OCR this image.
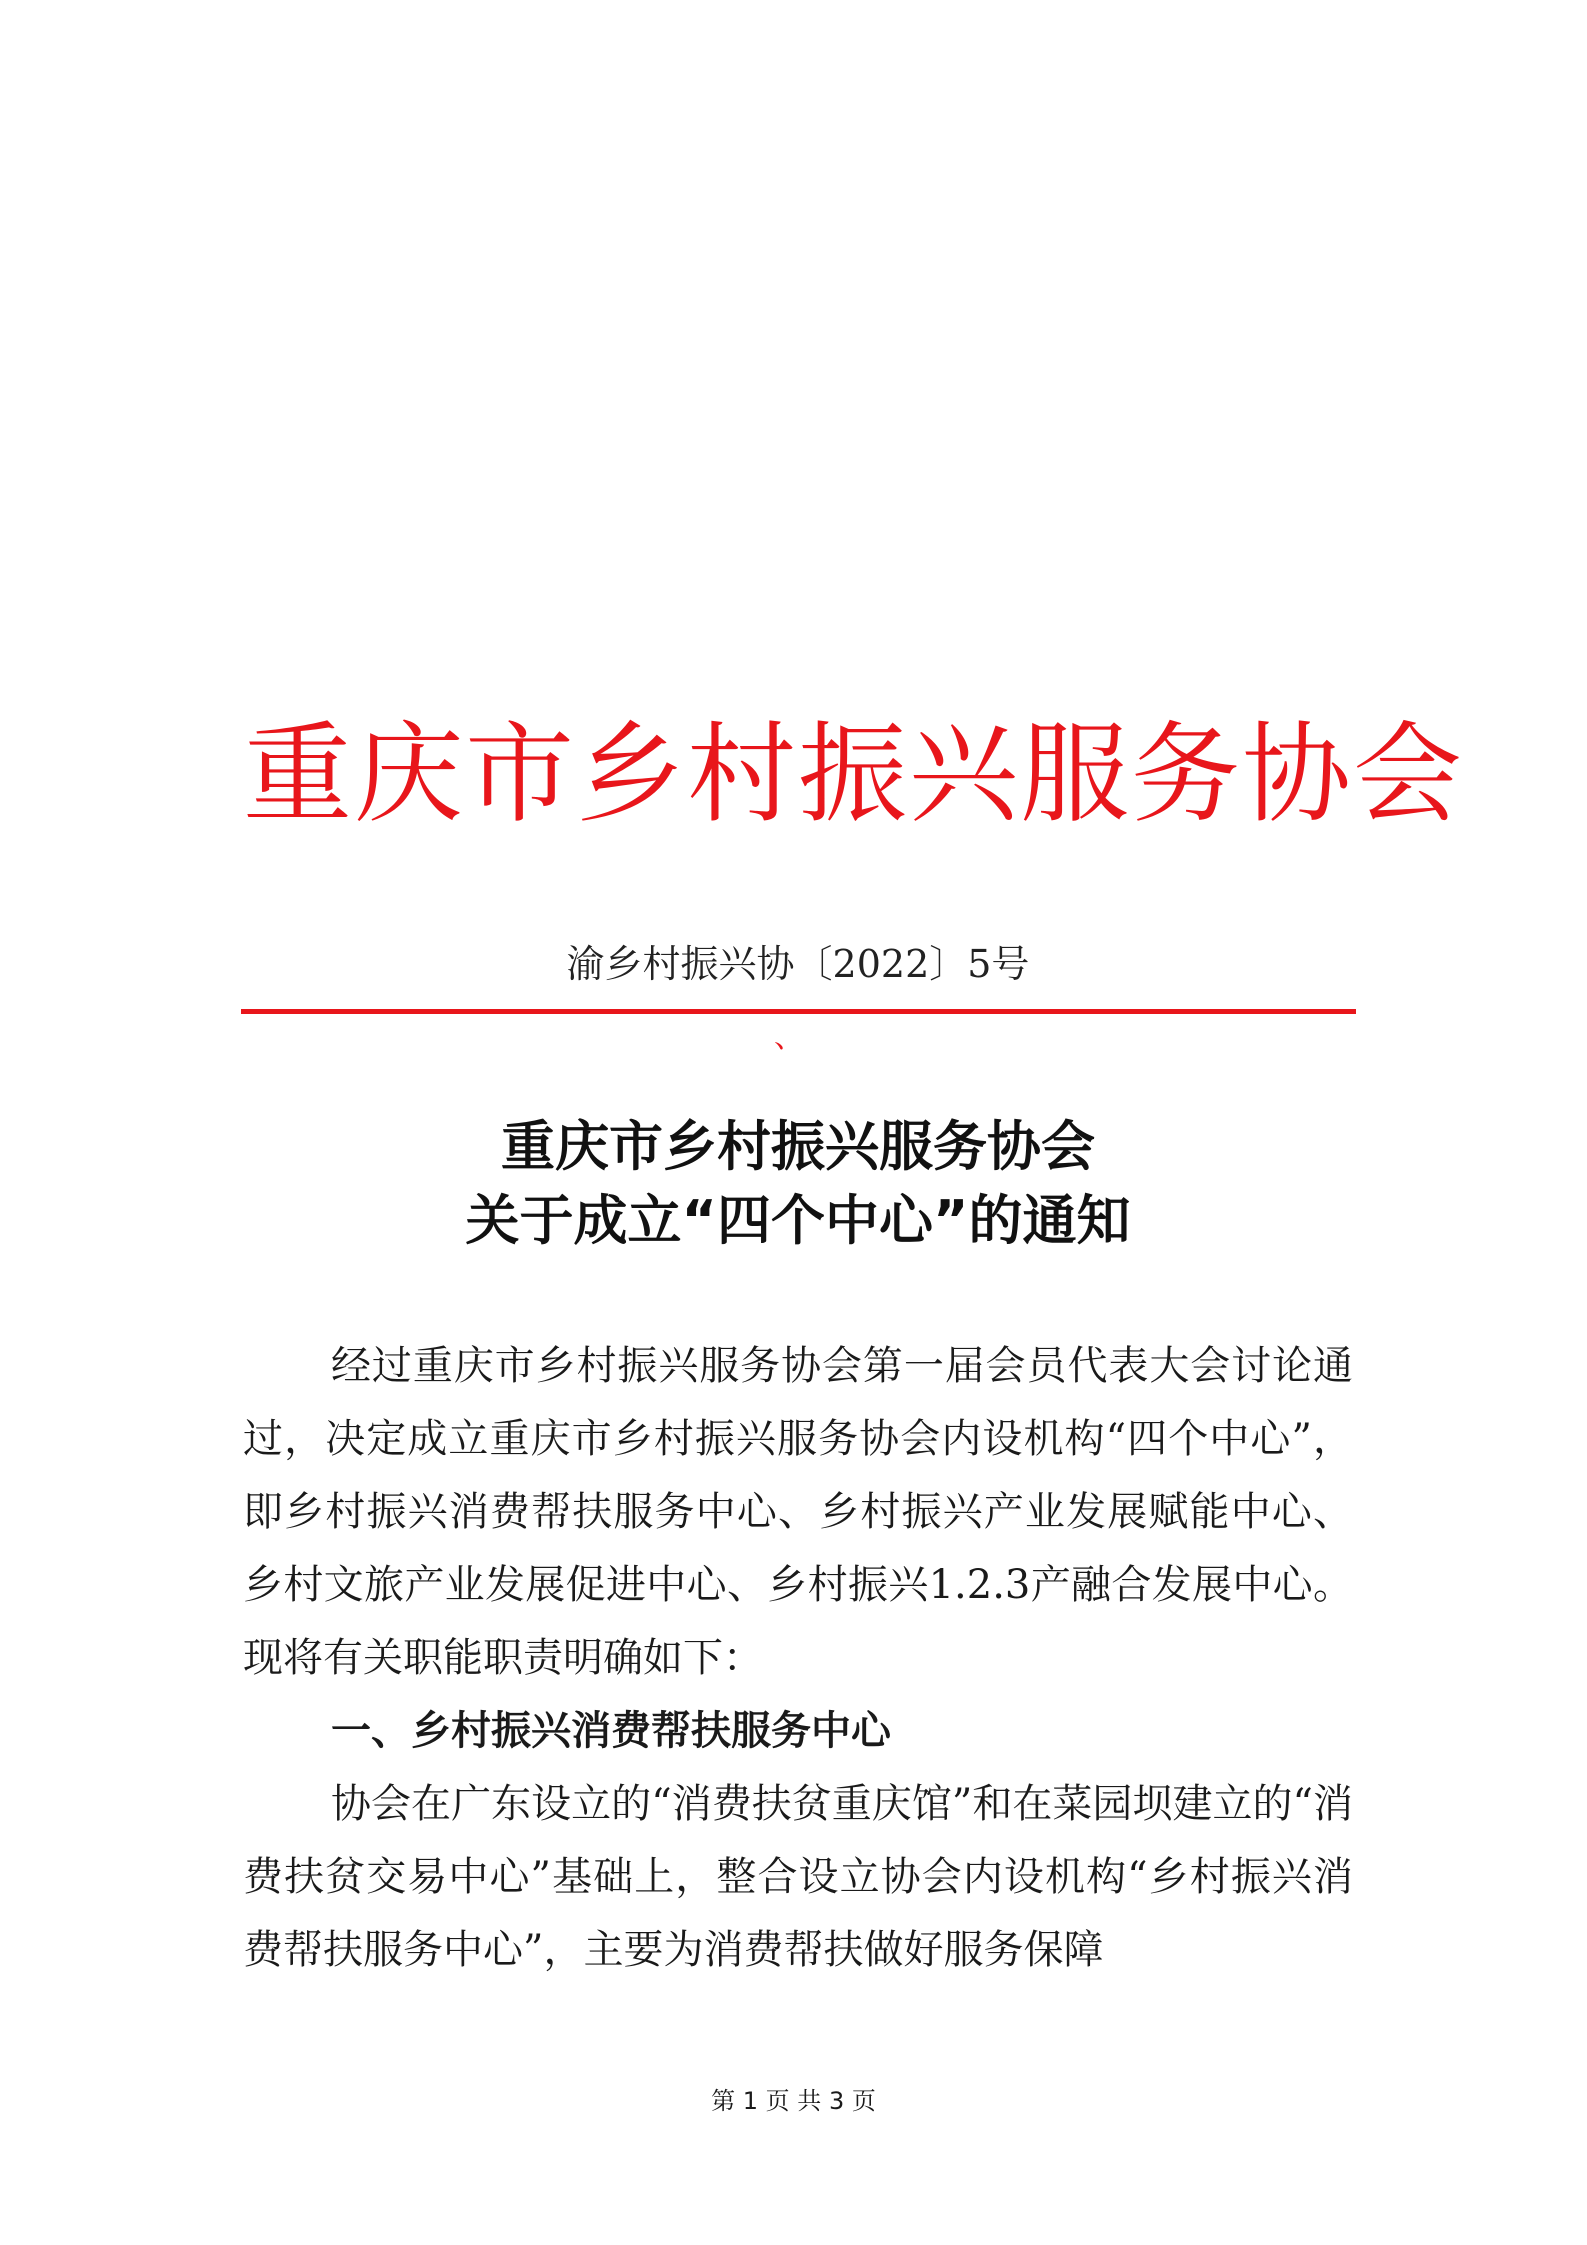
重庆市乡村振兴服务协会
渝乡村振兴协〔2022〕5号
、
重庆市乡村振兴服务协会
关于成立“四个中心”的通知

经过重庆市乡村振兴服务协会第一届会员代表大会讨论通过，决定成立重庆市乡村振兴服务协会内设机构“四个中心”，即乡村振兴消费帮扶服务中心、乡村振兴产业发展赋能中心、乡村文旅产业发展促进中心、乡村振兴1.2.3产融合发展中心。现将有关职能职责明确如下：

一、乡村振兴消费帮扶服务中心

协会在广东设立的“消费扶贫重庆馆”和在菜园坝建立的“消费扶贫交易中心”基础上，整合设立协会内设机构“乡村振兴消费帮扶服务中心”，主要为消费帮扶做好服务保障

第 1 页 共 3 页
